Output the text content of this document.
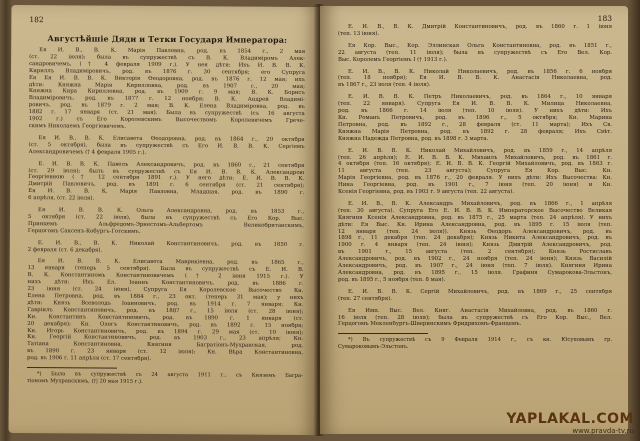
182
Августѣйшіе Дяди и Тетки Государя Императора:
Ея И. В., В. К. Марія Павловна, род. въ 1854 г., 2 мая
(ст. 22 іюля); была въ супружествѣ съ В. К. Владиміромъ Алек-
сандровичемъ, († 4 февраля 1909 г.). У нея дѣти: Ихъ И. В. В. К.
Кириллъ Владиміровичъ, род. въ 1876 г. 30 сентября; его Супруга
Ея Ея И. В. В. К. Викторія Ѳеодоровна, род. въ 1876 г. 12 мая; ихъ
дѣти: Княжна Марія Кирилловна, род. въ 1907 г., 20 мая;
Княжна Кира Кирилловна, род. въ 1909 г. 9 мая; В. К. Борисъ
Владиміровичъ, род. въ 1877 г. 12 ноября; В. К. Андрей Владимі-
ровичъ, род. въ 1879 г. 2 мая; В. К. Елена Владиміровна, род. въ
1882 г. 17 января (ст. 21 мая). Была въ супружествѣ (съ 16 августа
1902 г.) съ Его Королевскимъ Высочествомъ Королевичемъ Грече-
скимъ Николаемъ Георгіевичемъ.
Ея И. В., В. К. Елисавета Ѳеодоровна, род. въ 1864 г., 20 октября
(ст. 5 октября), была въ супружествѣ съ Его И. В. В. К. Сергіемъ
Александровичемъ († 4 февраля 1905 г.).
Е. И. В. В. К. Павелъ Александровичъ, род. въ 1860 г., 21 сентября
(ст. 29 іюля); былъ въ супружествѣ съ Ея И. В. В. К. Александрою
Георгіевною († 12 сентября 1891 г.). У него дѣти: Е. И. В. В. К.
Дмитрій Павловичъ, род. въ 1891 г. 6 сентября (ст. 21 сентября);
Ея И. В. В. К. Марія Павловна, Младшая, род. въ 1890 г.
6 апрѣля, (ст. 22 іюля).
Ея И. В. В. К. Ольга Александровна, род. въ 1853 г.,
5 октября (ст. 22 іюля), была въ супружествѣ съ Его Кор. Выс.
Принцемъ Альфредомъ-Эрнестомъ-Альбертомъ Великобританскимъ,
Герцогомъ Саксенъ-Кобургъ-Готскимъ.
Е. И. В., В. К. Николай Константиновичъ, род. въ 1850 г.
2 февраля (ст. 6 декабря).
Ея И. В. В. К. Елисавета Маврикіевна, род. въ 1865 г.,
13 января (теперь 5 сентября). Была въ супружествѣ съ Е. И. В.
В. К. Константиномъ Константиновичемъ († 2 іюня 1915 г.). У
нихъ дѣти: Ихъ Ел. Іоаннъ Константиновичъ, род. въ 1886 г.
23 іюня (ст. 24 іюня), Супруга Ея Королевское Высочество Кн.
Елена Петровна, род. въ 1884 г., 23 окт. (теперь 31 мая); у нихъ
дѣти: Князь Всеволодъ Іоанновичъ, род. въ 1914 г. 7 января; Кн.
Гавріилъ Константиновичъ, род. въ 1887 г., 15 іюля (ст. 28 іюня);
Кн. Константинъ Константиновичъ, род. въ 1890 г. 1 января (ст.
20 декабря); Кн. Олегъ Константиновичъ, род. въ 1892 г. 15 ноября;
Кн. Игорь Константиновичъ, род. въ 1894 г. 29 мая (ст. 10 іюня);
Кн. Георгій Константиновичъ, род. въ 1903 г., 23 апрѣля; Кн.
Татіана Константиновна, Княгиня Багратіонъ-Мухранская, род.
въ 1890 г. 23 января (ст. 12 іюля); Кн. Вѣра Константиновна,
род. въ 1906 г. 11 апрѣля (ст. 17 сентября).
*) Была въ супружествѣ съ 24 августа 1911 г., съ Княземъ Багра-
тіономъ Мухранскимъ, (†| 20 мая 1915 г.).
183
Е. И. В., В. К. Дмитрій Константиновичъ, род. въ 1860 г. 1 іюня
(теп. 13 іюня).
Ея Кор. Выс., Кор. Эллинская Ольга Константиновна, род. въ 1851 г.,
22 августа (теп. 11 іюля); была въ супружествѣ съ Его Вел. Кор.
Выс. Королемъ Георгіемъ I († 1913 г.).
Е. И. В., В. К. Николай Николаевичъ, род. въ 1856 г. 6 ноября
(теп. 18 ноября); Ея И. В. В. К. Анастасія Николаевна, род.
въ 1867 г., 23 іюля (теп. 4 іюля).
Е. И. В. В. К. Петръ Николаевичъ, род. въ 1864 г., 10 января
(теп. 22 января). Супруга Ея И. В. В. К. Милица Николаевна,
род. въ 1866 г. 14 іюля (теп. 10 іюля). У нихъ дѣти: Ихъ
Кн. Романъ Петровичъ, род. въ 1896 г., 5 октября; Кн. Марина
Петровна, род. въ 1892 г., 28 февраля (ст. 11 марта); Ихъ Св.
Княжна Марія Петровна, род. въ 1892 г. 28 февраля; Ихъ Свѣт.
Княжна Надежда Петровна, род. въ 1898 г. 3 марта.
Е. И. В. В. К. Николай Михайловичъ, род. въ 1859 г., 14 апрѣля
(теп. 26 апрѣля); Е. И. В. В. К. Михаилъ Михайловичъ, род. въ 1861 г.
4 октября (теп. 16 октября); Е. И. В. В. К. Георгій Михайловичъ, род. въ 1863 г.
11 августа (теп. 23 августа); Супруга Ея Кор. Выс. Кн.
Марія Георгіевна, род. въ 1876 г., 20 февраля. У нихъ дѣти: Ихъ Высочества: Кн.
Нина Георгіевна, род. въ 1901 г., 7 іюня (теп. 20 іюня) и Кн.
Ксенія Георгіевна, род. въ 1903 г. 9 августа (теп. 22 августа).
Е. И. В., В. К. Александръ Михайловичъ, род. въ 1866 г., 1 апрѣля
(теп. 30 августа). Супруга Его Е. И. В. В. К. Императорское Высочество Великая
Княгиня Ксенія Александровна, род. въ 1875 г., 25 марта (теп. 24 апрѣля). У нихъ
дѣти: Ея Выс. Кн. Ирина Александровна, род. въ 1895 г. 15 іюля (теп.
12 января (теп. 24 іюля)). Князь Ѳеодоръ Александровичъ, род. въ
1898 г., 11 декабря (теп. 24 декабря); Князь Никита Александровичъ, род. въ
1900 г. 4 января (теп. 24 іюня); Князь Дмитрій Александровичъ, род.
въ 1901 г., 15 августа (теп. 2 сентября); Князь Ростиславъ
Александровичъ, род. въ 1902 г., 24 ноября (теп. 24 іюня); Князь Василій
Александровичъ, род. въ 1907 г., 24 іюня (теп. 7 іюля). Княгиня Ирина
Александровна, род. въ 1895 г., 15 іюля. Графиня Сумарокова-Эльстонъ,
род. въ 1895 г., 5 ноября (теп. 8 мая).
Е. И. В. В. К. Сергій Михайловичъ, род. въ 1869 г., 25 сентября
(теп. 27 сентября).
Ея Имп. Выс. Вел. Княг. Анастасія Михайловна, род. въ 1860 г.
16 іюля (теп. 28 іюля); была въ супружествѣ съ Его Кор. Выс., Вел.
Герцогомъ Мекленбургъ-Шверинскимъ Фридрихомъ-Францемъ.
*) Въ супружествѣ съ 9 Февраля 1914 г., съ кн. Юсуповымъ гр.
Сумароковымъ-Эльстонъ.
YAPLAKAL.COM
www.pravda-tv.ru
